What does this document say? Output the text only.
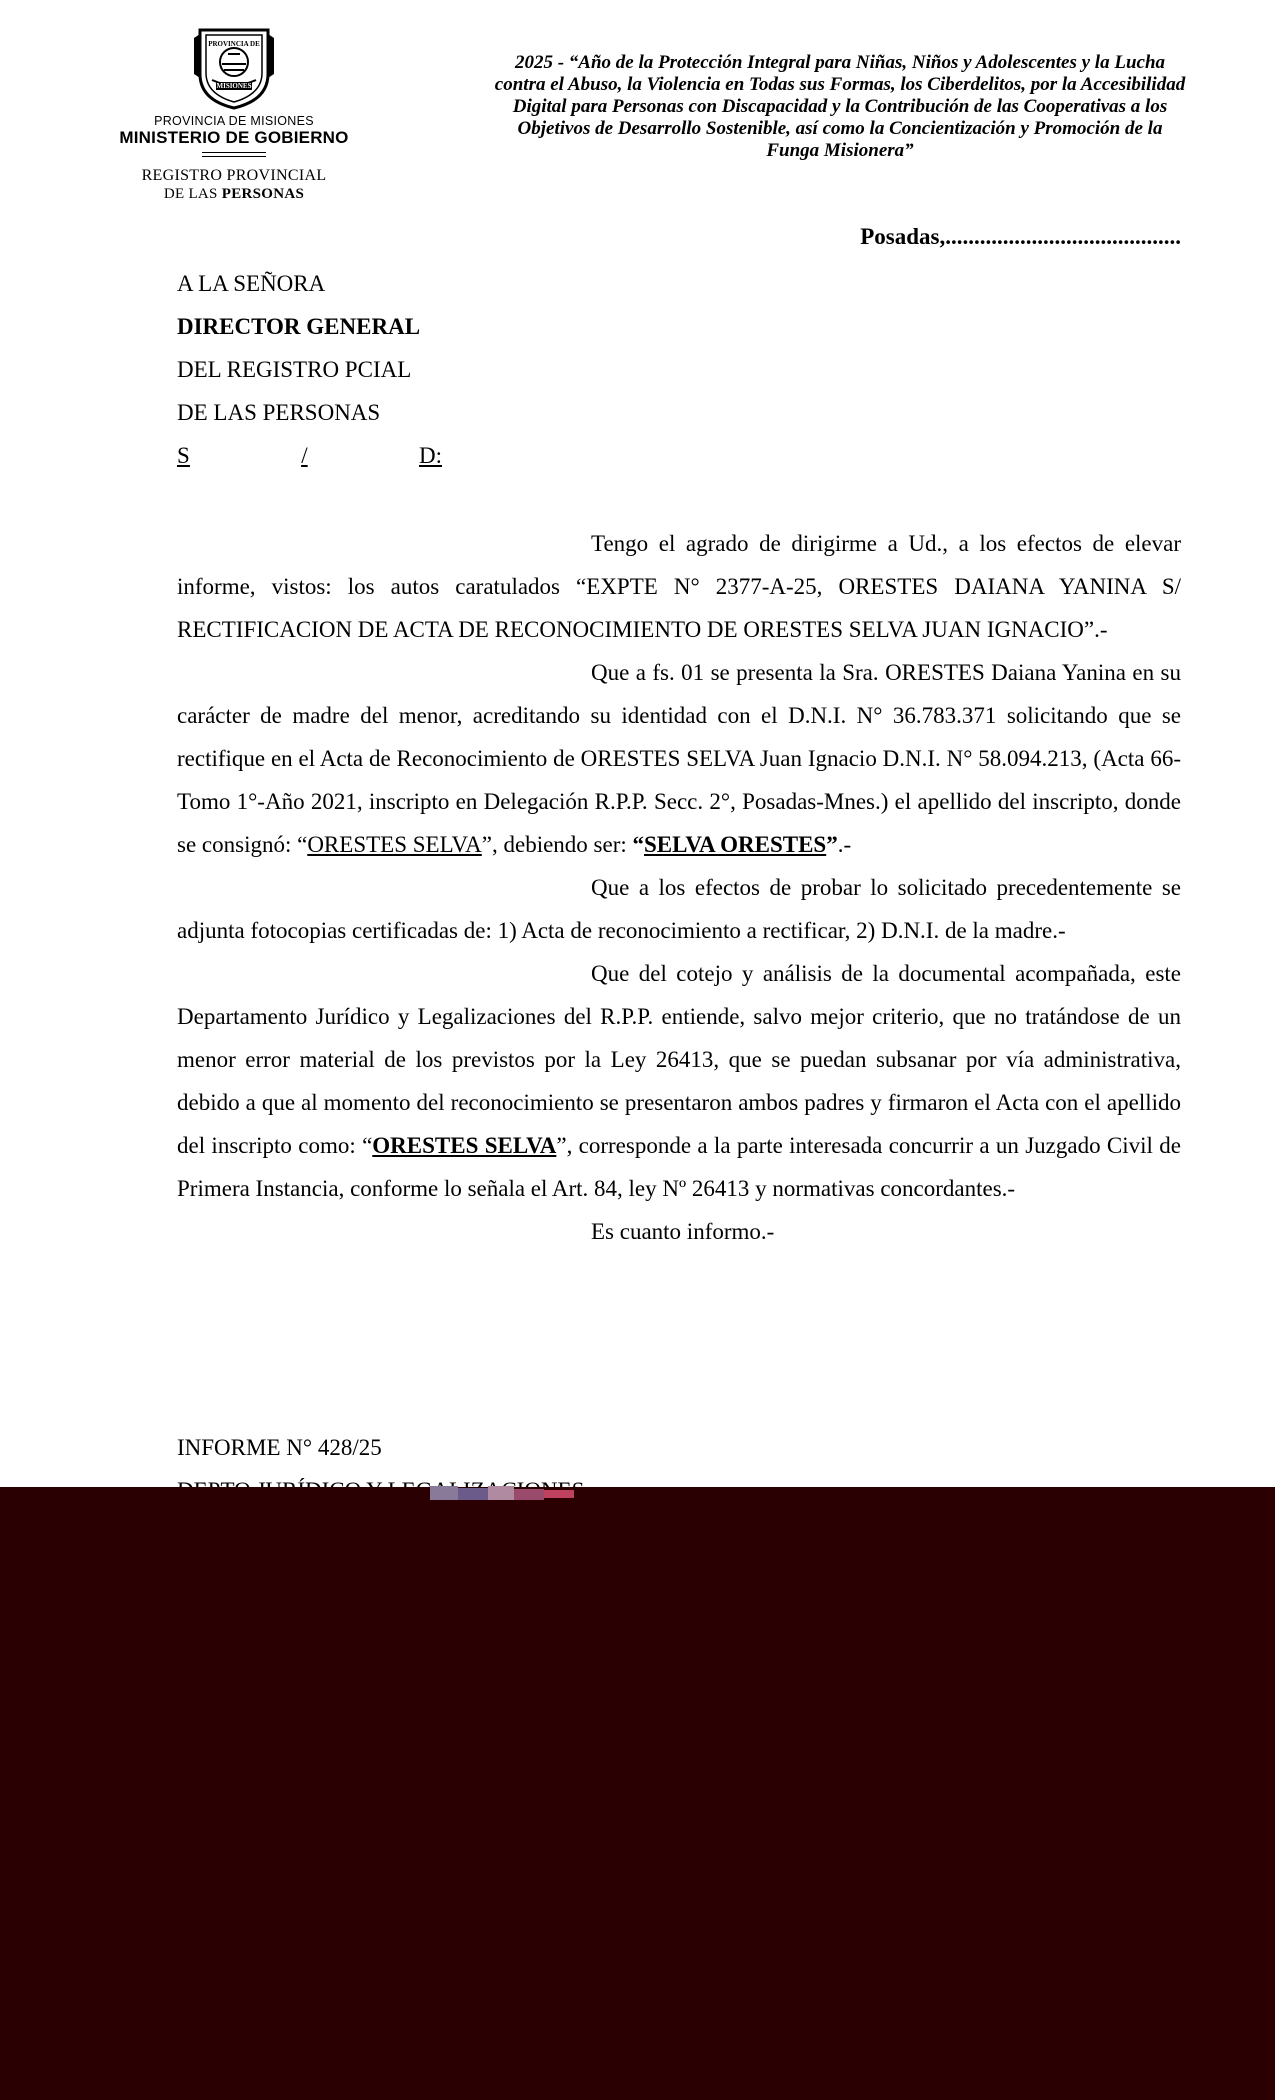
PROVINCIA DE
MISIONES
PROVINCIA DE MISIONES
MINISTERIO DE GOBIERNO
REGISTRO PROVINCIAL
DE LAS PERSONAS
2025 - “Año de la Protección Integral para Niñas, Niños y Adolescentes y la Lucha contra el Abuso, la Violencia en Todas sus Formas, los Ciberdelitos, por la Accesibilidad Digital para Personas con Discapacidad y la Contribución de las Cooperativas a los Objetivos de Desarrollo Sostenible, así como la Concientización y Promoción de la Funga Misionera”
Posadas,.........................................
A LA SEÑORA
DIRECTOR GENERAL
DEL REGISTRO PCIAL
DE LAS PERSONAS
S	/	D:

Tengo el agrado de dirigirme a Ud., a los efectos de elevar informe, vistos: los autos caratulados “EXPTE N° 2377-A-25, ORESTES DAIANA YANINA S/ RECTIFICACION DE ACTA DE RECONOCIMIENTO DE ORESTES SELVA JUAN IGNACIO”.-

Que a fs. 01 se presenta la Sra. ORESTES Daiana Yanina en su carácter de madre del menor, acreditando su identidad con el D.N.I. N° 36.783.371 solicitando que se rectifique en el Acta de Reconocimiento de ORESTES SELVA Juan Ignacio D.N.I. N° 58.094.213, (Acta 66-Tomo 1°-Año 2021, inscripto en Delegación R.P.P. Secc. 2°, Posadas-Mnes.) el apellido del inscripto, donde se consignó: “ORESTES SELVA”, debiendo ser: “SELVA ORESTES”.-

Que a los efectos de probar lo solicitado precedentemente se adjunta fotocopias certificadas de: 1) Acta de reconocimiento a rectificar, 2) D.N.I. de la madre.-

Que del cotejo y análisis de la documental acompañada, este Departamento Jurídico y Legalizaciones del R.P.P. entiende, salvo mejor criterio, que no tratándose de un menor error material de los previstos por la Ley 26413, que se puedan subsanar por vía administrativa, debido a que al momento del reconocimiento se presentaron ambos padres y firmaron el Acta con el apellido del inscripto como: “ORESTES SELVA”, corresponde a la parte interesada concurrir a un Juzgado Civil de Primera Instancia, conforme lo señala el Art. 84, ley Nº 26413 y normativas concordantes.-

Es cuanto informo.-
INFORME N° 428/25
